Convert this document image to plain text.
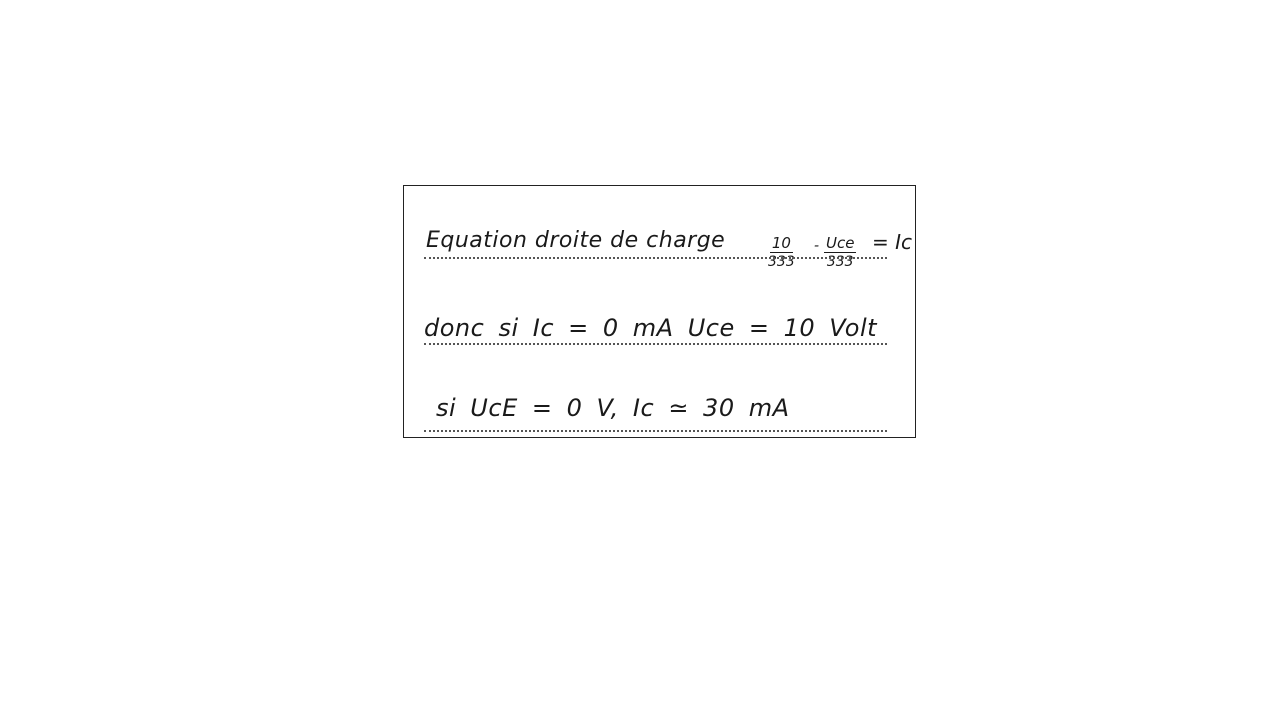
Equation droite de charge	$\frac{10}{333}$ - Uce
333
= Ic
donc si Ic = 0 mA Uce = 10 Volt
si UcE = 0 V, Ic ≃ 30 mA
